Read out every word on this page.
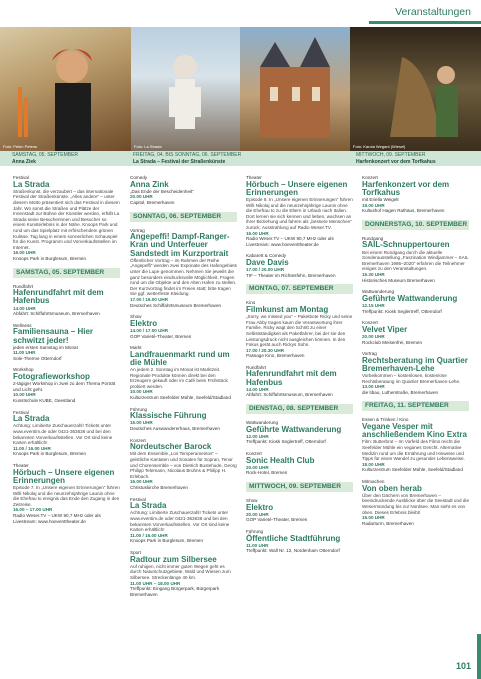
Veranstaltungen
Foto: Pelen Petens	Foto: La Strada	Foto: Karola Wegant (Wiesel)
SAMSTAG, 05. SEPTEMBER
Anna Ziek
FREITAG, 04. BIS SONNTAG, 06. SEPTEMBER
La Strada – Festival der Straßenkünste
MITTWOCH, 09. SEPTEMBER
Harfenkonzert vor dem Torfkahus
Festival
La Strada
Straßenkunst, die verzaubert – das internationale Festival der Straßenkünste. „Alles andere“ – unter diesem Motto präsentiert sich das Festival in diesem Jahr. Wo sonst die Straßen und Plätze der Innenstadt zur Bühne der Künstler werden, erfüllt La Strada seine Besucherinnen und Besucher so einem Kunsterlebnis in der Nähe. Knoops Park und rund um das Spielplatz mit erfrischendem grünen Kulisse. Tag lang in einem sonnerlichen Schauspiel für die Kunst. Programm und Vorverkaufsstellen im Internet.
16.00 UHR
Knoops Park in Burglesum, Bremen
SAMSTAG, 05. SEPTEMBER
Rundfahrt
Hafenrundfahrt mit dem Hafenbus
14.00 UHR
Abfahrt: Schiffahrtsmuseum, Bremerhaven
Wellness
Familiensauna – Hier schwitzt jeder!
jeden ersten Samstag im Monat
11.00 UHR
Sole-Therme Otterndorf
Workshop
Fotografieworkshop
2-tägiger Workshop in zwei zu dem Thema Porträt und Licht geht.
10.00 UHR
Kunstschule KUBE, Geestland
Festival
La Strada
Achtung: Limitierte Zuschauerzahl! Tickets unter www.eventim.de oder 0421-363636 und bei den bekannten Vorverkaufsstellen. Vor Ort sind keine Karten erhältlich!
11.00 / 16.00 UHR
Knoops Park in Burglesum, Bremen
Theater
Hörbuch – Unsere eigenen Erinnerungen
Episode 7. In „Unsere eigenen Erinnerungen“ führen Willi Nikolaj und die neunzehnjährige Launin ohne die Ehefrau to ereignis das Ende den Zugang in den Zeitreise.
16.00 – 17.00 UHR
Radio Weser.TV – UKW 90,7 MHz oder als Livestream: www.hoeventtheater.de
Comedy
Anna Zink
„Das Ende der Bescheidenheit“
20.00 UHR
Capitol, Bremerhaven
SONNTAG, 06. SEPTEMBER
Vortrag
Angepeffi! Dampf-Ranger-Kran und Unterfeuer Sandstedt im Kurzportrait
Öffentlicher Vortrag – im Rahmen der Reihe „Angepeffi“ werden zwei Exponate des Hafengebiets unter die Lupe genommen. Nehmen Sie jeweils die ganz besonders eindrucksvolle Möglichkeit, Fragen rund um die Objekte und den Alten Hafen zu stellen. Der Kurzvortrag findet im Freien statt; bitte tragen Sie ggf. wetterfeste Kleidung.
17.00 / 16.00 UHR
Deutsches Schiffahrtsmuseum Bremerhaven
Show
Elektro
14.00 / 17.00 UHR
GOP Varieté-Theater, Bremen
Markt
Landfrauenmarkt rund um die Mühle
An jedem 2. Sonntag im Monat ist Marktzeit. Regionale Produkte können direkt bei den Erzeugern gekauft oder im Café beim Frühstück probiert werden.
10.00 UHR
Kulturzentrum Seefelder Mühle, Seefeld/Stadland
Führung
Klassische Führung
15.00 UHR
Deutsches Auswandererhaus, Bremerhaven
Konzert
Nordeutscher Barock
Mit dem Ensemble „Los Temperamentos“ – geistliche Kantaten und Sonaten für Sopran, Tenor und Chorensemble – von Dietrich Buxtehude, Georg Philipp Telemann, Nicolaus Bruhns & Philipp H. Erlebach.
16.00 UHR
Christuskirche Bremerhaven
Festival
La Strada
Achtung: Limitierte Zuschauerzahl! Tickets unter www.eventim.de oder 0421-363636 und bei den bekannten Vorverkaufsstellen. Vor Ort sind keine Karten erhältlich!
11.00 / 16.00 UHR
Knoops Park in Burglesum, Bremen
Sport
Radtour zum Silbersee
Auf ruhigen, nicht immer guten Wegen geht es durch Naturschutzgebiete, Wald und Wiesen zum Silbersee. Streckenlänge 40 km.
11.00 UHR – 18.00 UHR
Treffpunkt: Eingang Bürgerpark, Bürgerpark Bremerhaven
Theater
Hörbuch – Unsere eigenen Erinnerungen
Episode 8. In „Unsere eigenen Erinnerungen“ führen Willi Nikolaj und die neunzehnjährige Launin ohne die Ehefrau to zu die Eltern in Urlaub nach Italien. Dort lernen sie sich kennen und lieben, wachsen an ihrer Beziehung und fahren als „bessere Menschen“ zurück. Ausstrahlung auf Radio Weser.TV.
16.00 UHR
Radio Weser.TV – UKW 90,7 MHz oder als Livestream: www.hoeventtheater.de
Kabarett & Comedy
Dave Davis
17.00 / 20.00 UHR
TIF – Theater im Richtesfehn, Bremerhaven
MONTAG, 07. SEPTEMBER
Kino
Filmkunst am Montag
„Sorry, we missed you“ – Paketbote Ricky und seine Frau Abby tragen kaum die Verantwortung ihrer Familie. Ricky wagt den Schritt zu einer Selbstständigkeit als Paketfahrer, bei der sie den Leistungsdruck nicht ausgleichen können. In den Fokus gerät auch Rickys Sohn.
17.00 / 20.30 UHR
Passage Kino, Bremerhaven
Rundfahrt
Hafenrundfahrt mit dem Hafenbus
14.00 UHR
Abfahrt: Schiffahrtsmuseum, Bremerhaven
DIENSTAG, 08. SEPTEMBER
Wattwanderung
Geführte Wattwanderung
12.00 UHR
Treffpunkt: Kiosk Seglertreff, Otterndorf
Konzert
Sonic Health Club
20.00 UHR
Rock-Hotel, Bremen
MITTWOCH, 09. SEPTEMBER
Show
Elektro
20.00 UHR
GOP Varieté-Theater, Bremen
Führung
Öffentliche Stadtführung
11.00 UHR
Treffpunkt: Wall Nr. 12, Nordenham Otterndorf
Konzert
Harfenkonzert vor dem Torfkahus
mit Eriella Weigelt
19.00 UHR
Kultushof Hagen Rathäus, Bremerhaven
DONNERSTAG, 10. SEPTEMBER
Rundgang
SAIL-Schnuppertouren
Bei einem Rundgang durch die aktuelle Sonderausstellung „Faszination Windjammer – SAIL Bremerhaven 1986–2020“ erfahren die Teilnehmer einiges zu den Veranstaltungen.
15.30 UHR
Historisches Museum Bremerhaven
Wattwanderung
Geführte Wattwanderung
12.15 UHR
Treffpunkt: Kiosk Seglertreff, Otterndorf
Konzert
Velvet Viper
20.00 UHR
Rockclub Meisenfrei, Bremen
Vortrag
Rechtsberatung im Quartier Bremerhaven-Lehe
Vorbeikommen – kostenlosen, kostenlose Rechtsberatung im Quartier Bremerhaven-Lehe.
13.00 UHR
die tibau, Lutherstraße, Bremerhaven
FREITAG, 11. SEPTEMBER
Essen & Trinken / Kino
Vegane Vesper mit anschließendem Kino Extra
Film: Butterbrot – Im Vorfeld des Films reicht die Seefelder Mühle ein veganes Gericht. Alternative Medizin rund um die Ernährung und Hinweise und Tipps für einen Wandel zu gesunder Lebensweise.
18.00 UHR
Kulturzentrum Seefelder Mühle, Seefeld/Stadland
Mitmachen
Von oben herab
Über den Dächern von Bremerhaven – beeindruckende Ausblicke über die Seestadt und die Wesermündung bis zur Nordsee. Man sieht es von oben. Dieses Erlebnis bleibt!
15.00 UHR
Radarturm, Bremerhaven
101
